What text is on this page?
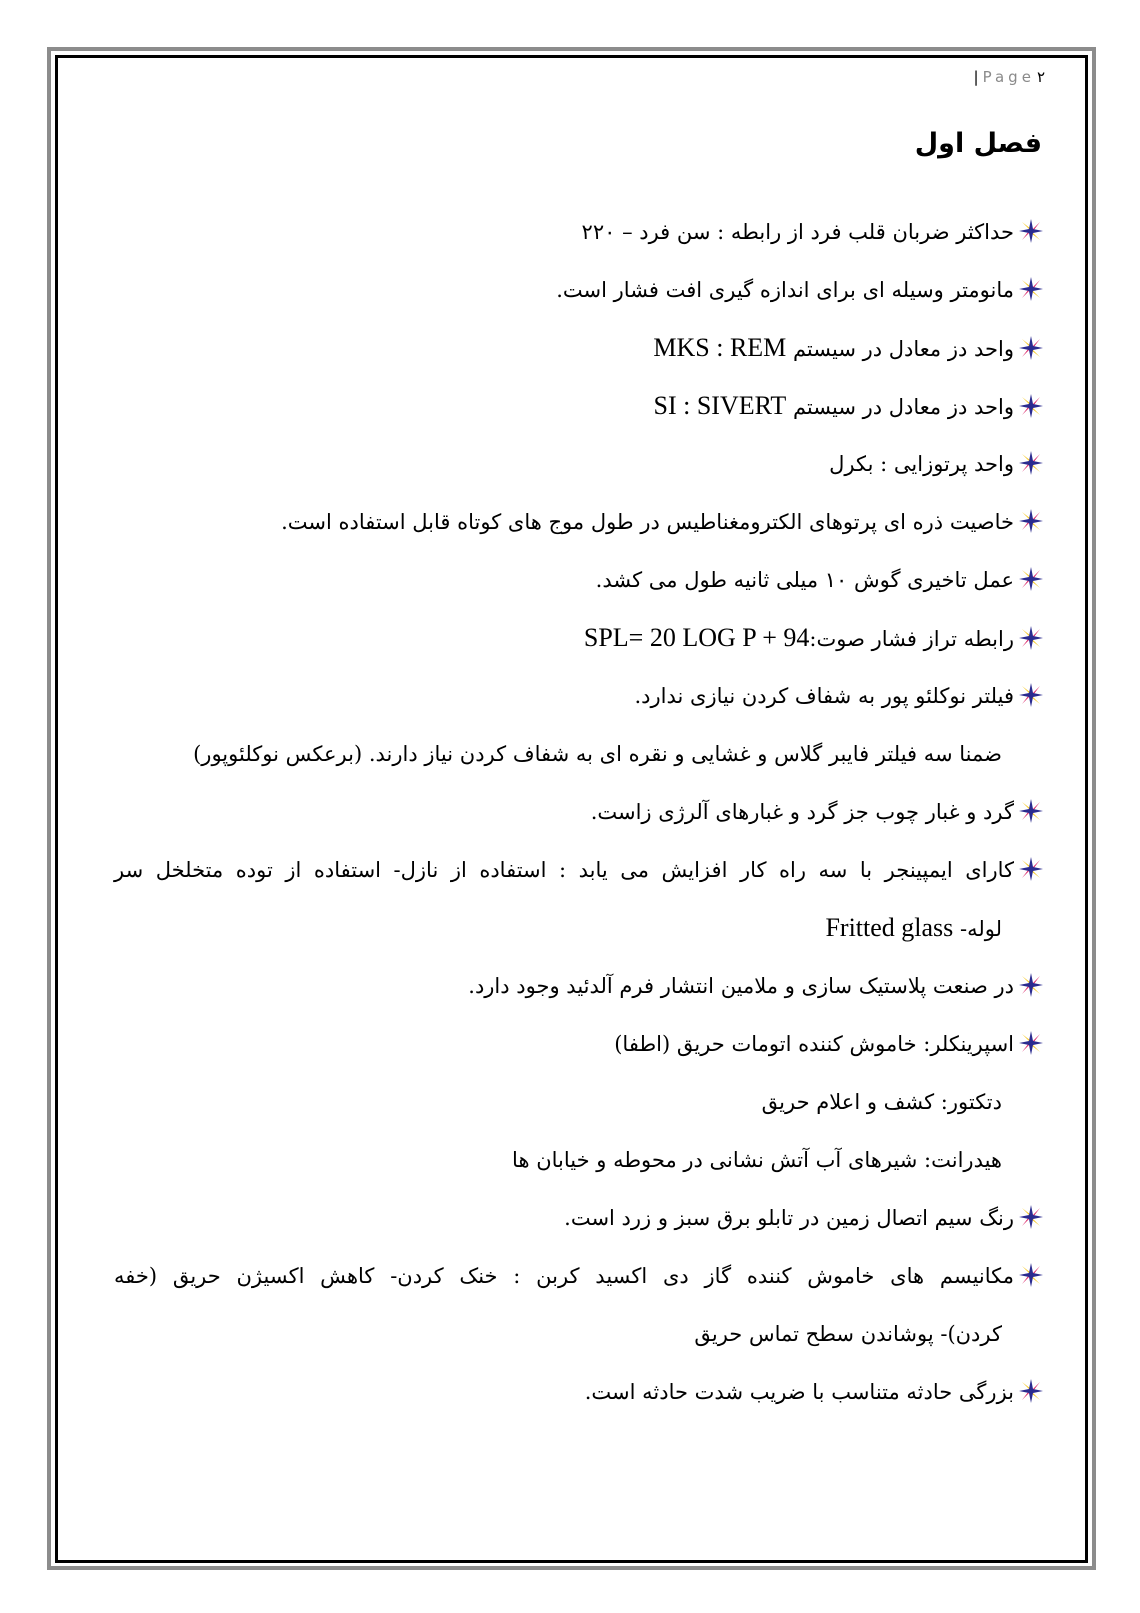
| Page ۲
فصل اول
حداکثر ضربان قلب فرد از رابطه : سن فرد – ۲۲۰
مانومتر وسیله ای برای اندازه گیری افت فشار است.
واحد دز معادل در سیستم MKS : REM
واحد دز معادل در سیستم SI : SIVERT
واحد پرتوزایی : بکرل
خاصیت ذره ای پرتوهای الکترومغناطیس در طول موج های کوتاه قابل استفاده است.
عمل تاخیری گوش ۱۰ میلی ثانیه طول می کشد.
رابطه تراز فشار صوت:SPL= 20 LOG P + 94
فیلتر نوکلئو پور به شفاف کردن نیازی ندارد.
ضمنا سه فیلتر فایبر گلاس و غشایی و نقره ای به شفاف کردن نیاز دارند. (برعکس نوکلئوپور)
گرد و غبار چوب جز گرد و غبارهای آلرژی زاست.
کارای ایمپینجر با سه راه کار افزایش می یابد : استفاده از نازل- استفاده از توده متخلخل سر
لوله- Fritted glass
در صنعت پلاستیک سازی و ملامین انتشار فرم آلدئید وجود دارد.
اسپرینکلر: خاموش کننده اتومات حریق (اطفا)
دتکتور: کشف و اعلام حریق
هیدرانت: شیرهای آب آتش نشانی در محوطه و خیابان ها
رنگ سیم اتصال زمین در تابلو برق سبز و زرد است.
مکانیسم های خاموش کننده گاز دی اکسید کربن : خنک کردن- کاهش اکسیژن حریق (خفه
کردن)- پوشاندن سطح تماس حریق
بزرگی حادثه متناسب با ضریب شدت حادثه است.
